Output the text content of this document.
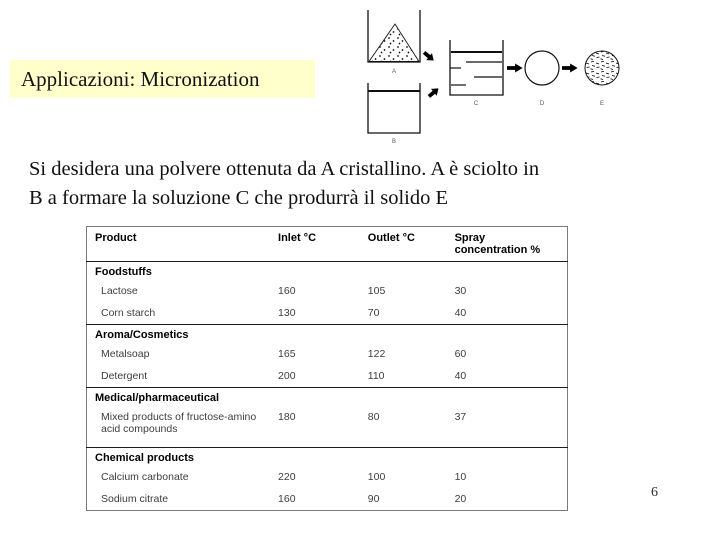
Applicazioni: Micronization	A
B
C	D	E
Si desidera una polvere ottenuta da A cristallino. A è sciolto in
B a formare la soluzione C che produrrà il solido E
Product	Inlet °C	Outlet °C	Spray concentration %
Foodstuffs			
Lactose	160	105	30
Corn starch	130	70	40
Aroma/Cosmetics			
Metalsoap	165	122	60
Detergent	200	110	40
Medical/pharmaceutical			
Mixed products of fructose-amino acid compounds	180	80	37
Chemical products			
Calcium carbonate	220	100	10
Sodium citrate	160	90	20	6
